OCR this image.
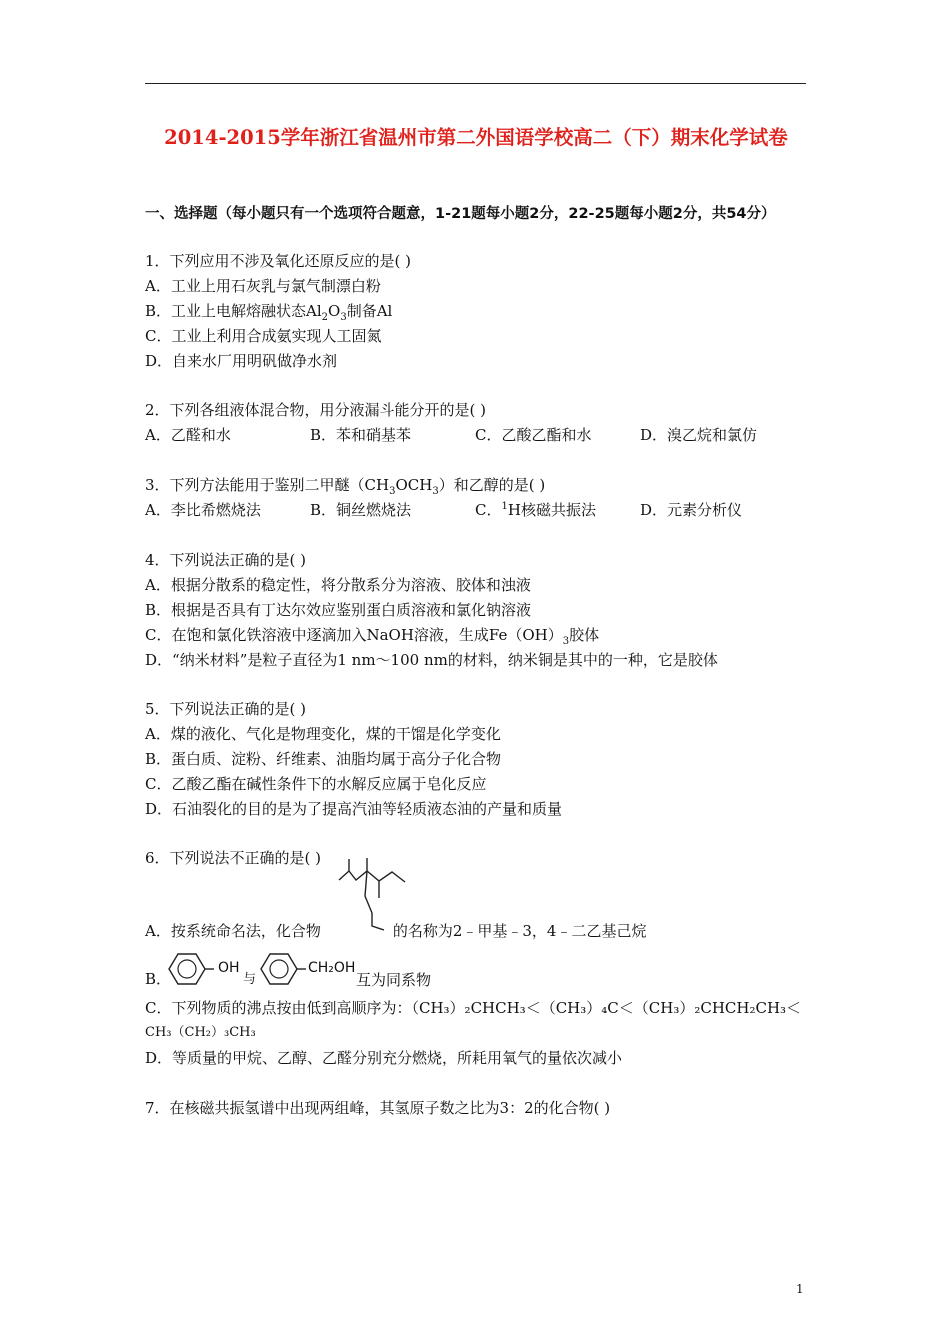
2014-2015学年浙江省温州市第二外国语学校高二（下）期末化学试卷
一、选择题（每小题只有一个选项符合题意，1-21题每小题2分，22-25题每小题2分，共54分）
1．下列应用不涉及氧化还原反应的是( )
A．工业上用石灰乳与氯气制漂白粉
B．工业上电解熔融状态$Al_2O_3$制备Al
C．工业上利用合成氨实现人工固氮
D．自来水厂用明矾做净水剂
2．下列各组液体混合物，用分液漏斗能分开的是( )
A．乙醛和水	B．苯和硝基苯	C．乙酸乙酯和水	D．溴乙烷和氯仿
3．下列方法能用于鉴别二甲醚$(CH_3OCH_3)$和乙醇的是( )
A．李比希燃烧法	B．铜丝燃烧法	C．$^1$H核磁共振法	D．元素分析仪
4．下列说法正确的是( )
A．根据分散系的稳定性，将分散系分为溶液、胶体和浊液
B．根据是否具有丁达尔效应鉴别蛋白质溶液和氯化钠溶液
C．在饱和氯化铁溶液中逐滴加入NaOH溶液，生成$Fe(OH)_3$胶体
D．“纳米材料”是粒子直径为1 nm～100 nm的材料，纳米铜是其中的一种，它是胶体
5．下列说法正确的是( )
A．煤的液化、气化是物理变化，煤的干馏是化学变化
B．蛋白质、淀粉、纤维素、油脂均属于高分子化合物
C．乙酸乙酯在碱性条件下的水解反应属于皂化反应
D．石油裂化的目的是为了提高汽油等轻质液态油的产量和质量
6．下列说法不正确的是( )
A．按系统命名法，化合物	的名称为2﹣甲基﹣3，4﹣二乙基己烷
B．
OH
与
CH₂OH
互为同系物
C．下列物质的沸点按由低到高顺序为：（CH₃）₂CHCH₃＜（CH₃）₄C＜（CH₃）₂CHCH₂CH₃＜
CH₃（CH₂）₃CH₃
D．等质量的甲烷、乙醇、乙醛分别充分燃烧，所耗用氧气的量依次减小
7．在核磁共振氢谱中出现两组峰，其氢原子数之比为3：2的化合物( )
1
